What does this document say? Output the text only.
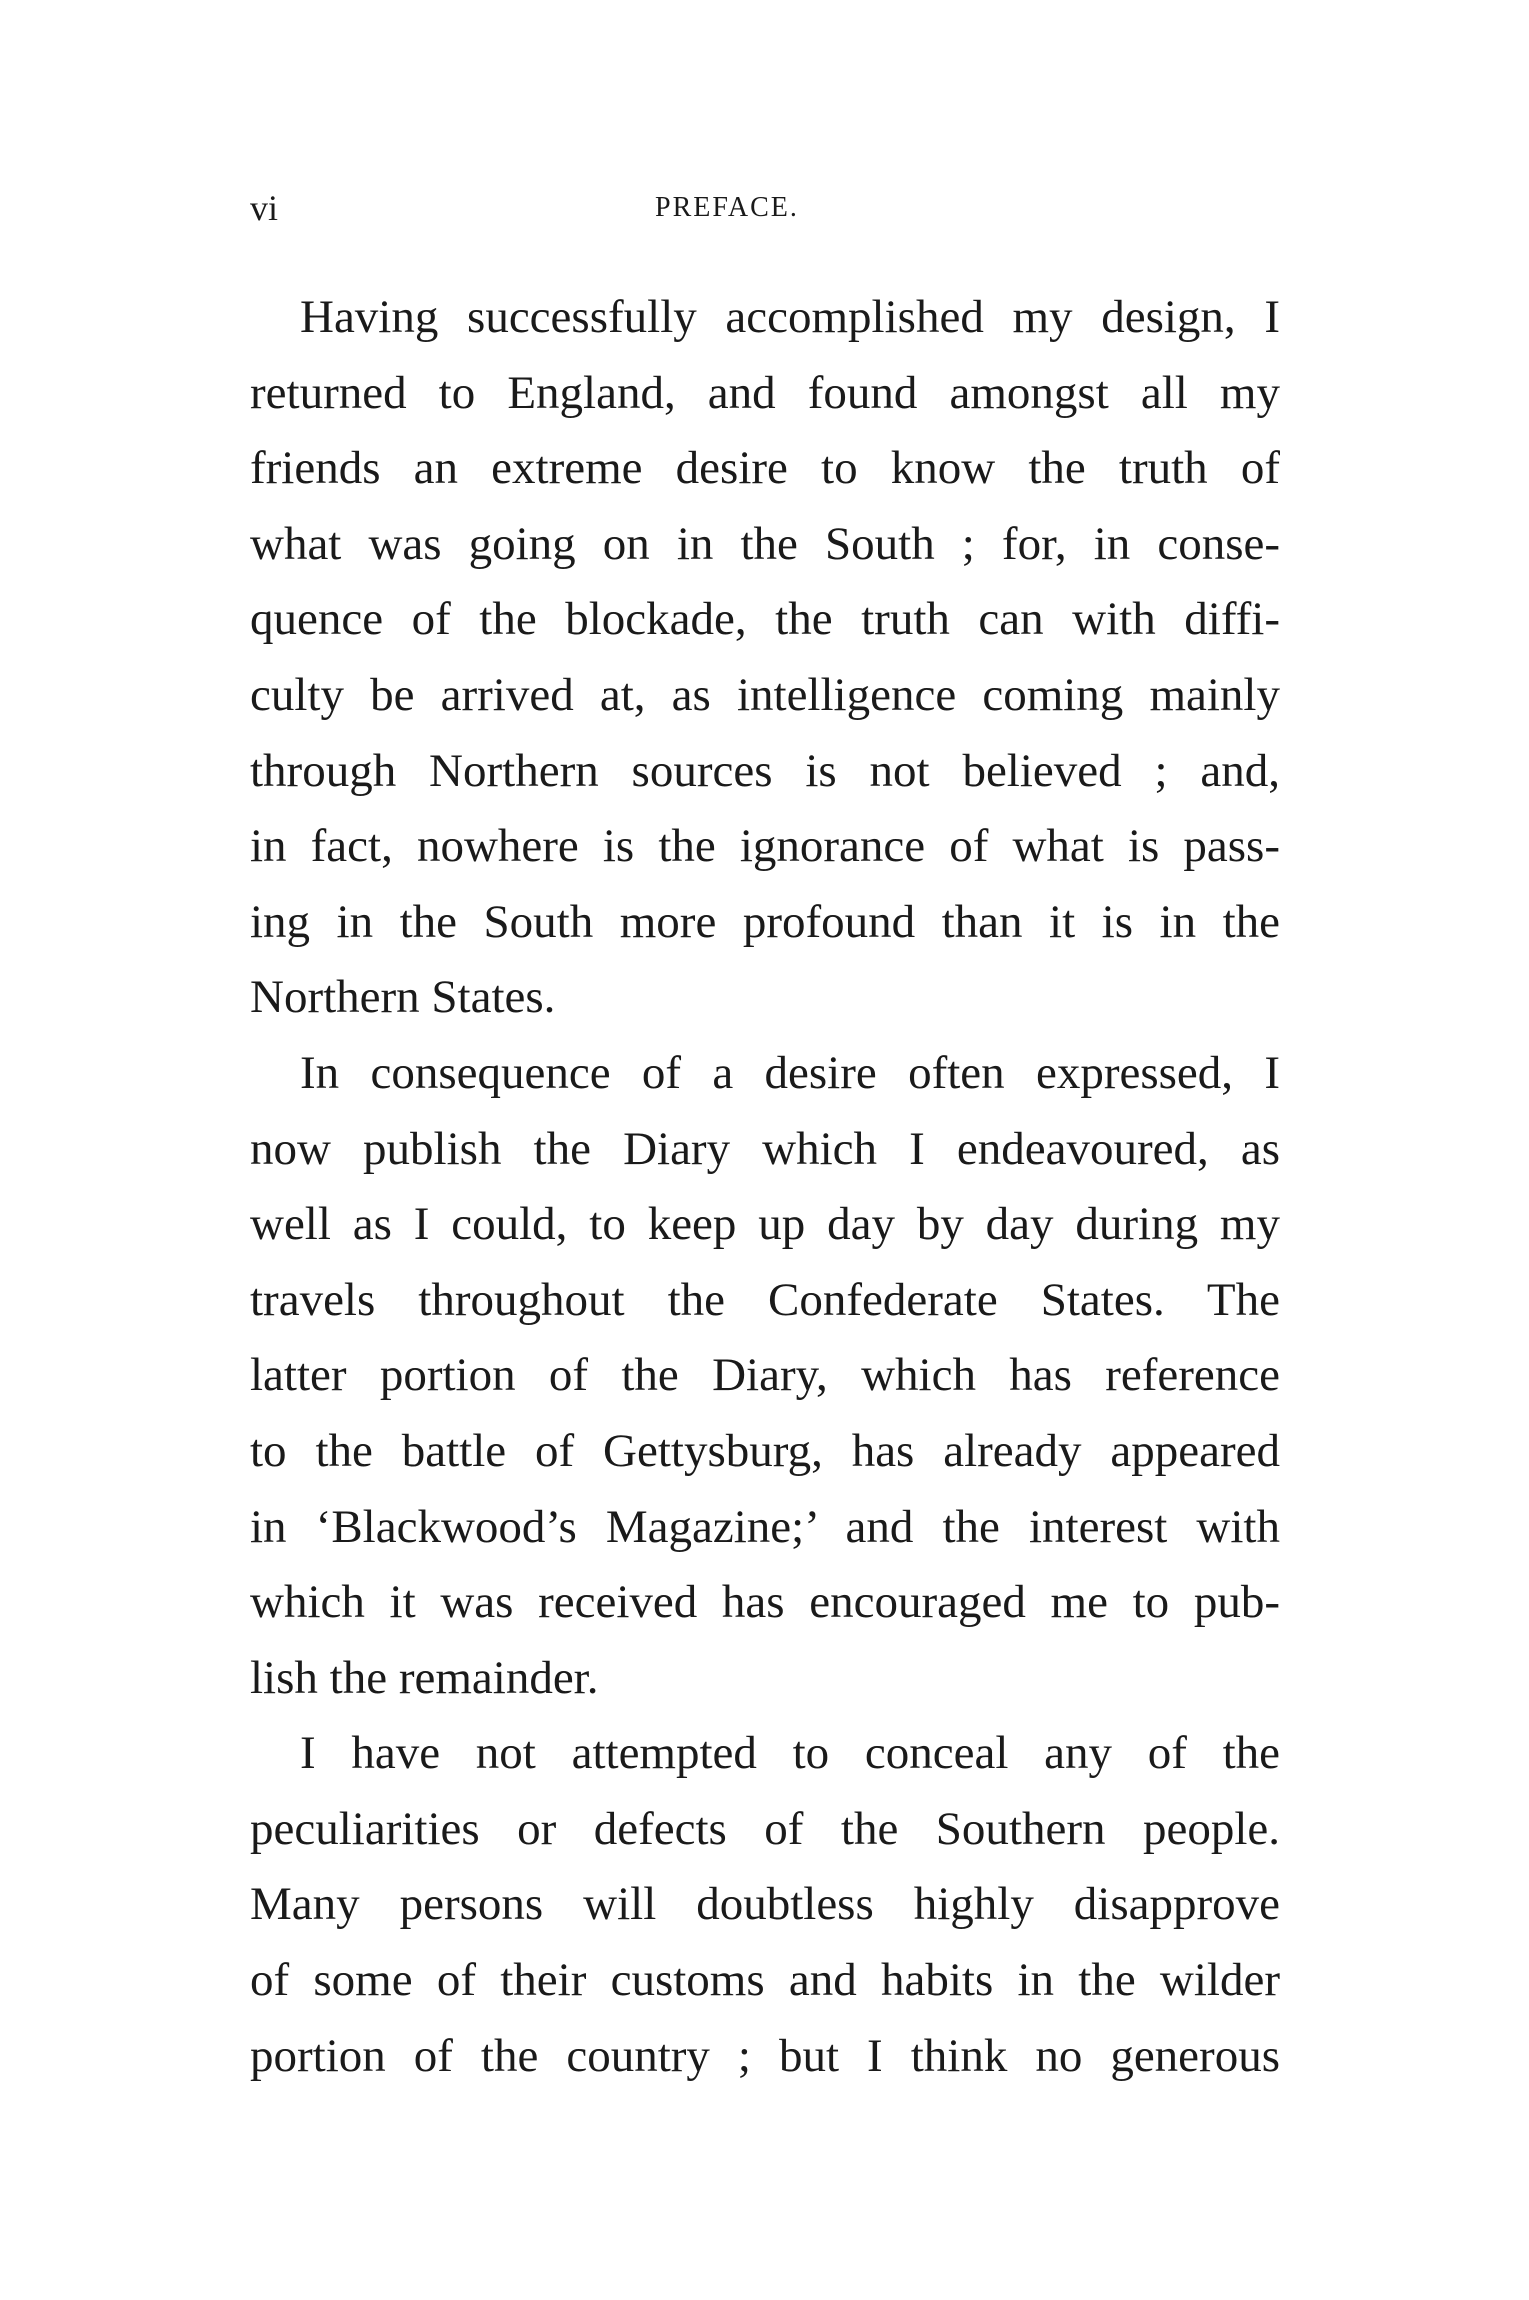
vi	PREFACE.
Having successfully accomplished my design, I
returned to England, and found amongst all my
friends an extreme desire to know the truth of
what was going on in the South ; for, in conse-
quence of the blockade, the truth can with diffi-
culty be arrived at, as intelligence coming mainly
through Northern sources is not believed ; and,
in fact, nowhere is the ignorance of what is pass-
ing in the South more profound than it is in the
Northern States.
In consequence of a desire often expressed, I
now publish the Diary which I endeavoured, as
well as I could, to keep up day by day during my
travels throughout the Confederate States. The
latter portion of the Diary, which has reference
to the battle of Gettysburg, has already appeared
in ‘Blackwood’s Magazine;’ and the interest with
which it was received has encouraged me to pub-
lish the remainder.
I have not attempted to conceal any of the
peculiarities or defects of the Southern people.
Many persons will doubtless highly disapprove
of some of their customs and habits in the wilder
portion of the country ; but I think no generous
